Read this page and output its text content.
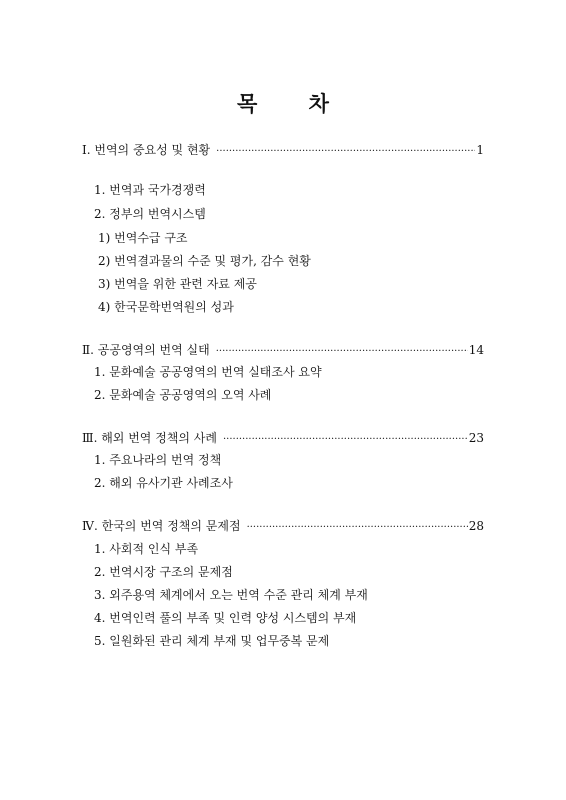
목 차
Ⅰ. 번역의 중요성 및 현황 ·····	1
1. 번역과 국가경쟁력
2. 정부의 번역시스템
1) 번역수급 구조
2) 번역결과물의 수준 및 평가, 감수 현황
3) 번역을 위한 관련 자료 제공
4) 한국문학번역원의 성과
Ⅱ. 공공영역의 번역 실태 ·····	14
1. 문화예술 공공영역의 번역 실태조사 요약
2. 문화예술 공공영역의 오역 사례
Ⅲ. 해외 번역 정책의 사례 ·····	23
1. 주요나라의 번역 정책
2. 해외 유사기관 사례조사
Ⅳ. 한국의 번역 정책의 문제점 ·····	28
1. 사회적 인식 부족
2. 번역시장 구조의 문제점
3. 외주용역 체계에서 오는 번역 수준 관리 체계 부재
4. 번역인력 풀의 부족 및 인력 양성 시스템의 부재
5. 일원화된 관리 체계 부재 및 업무중복 문제
